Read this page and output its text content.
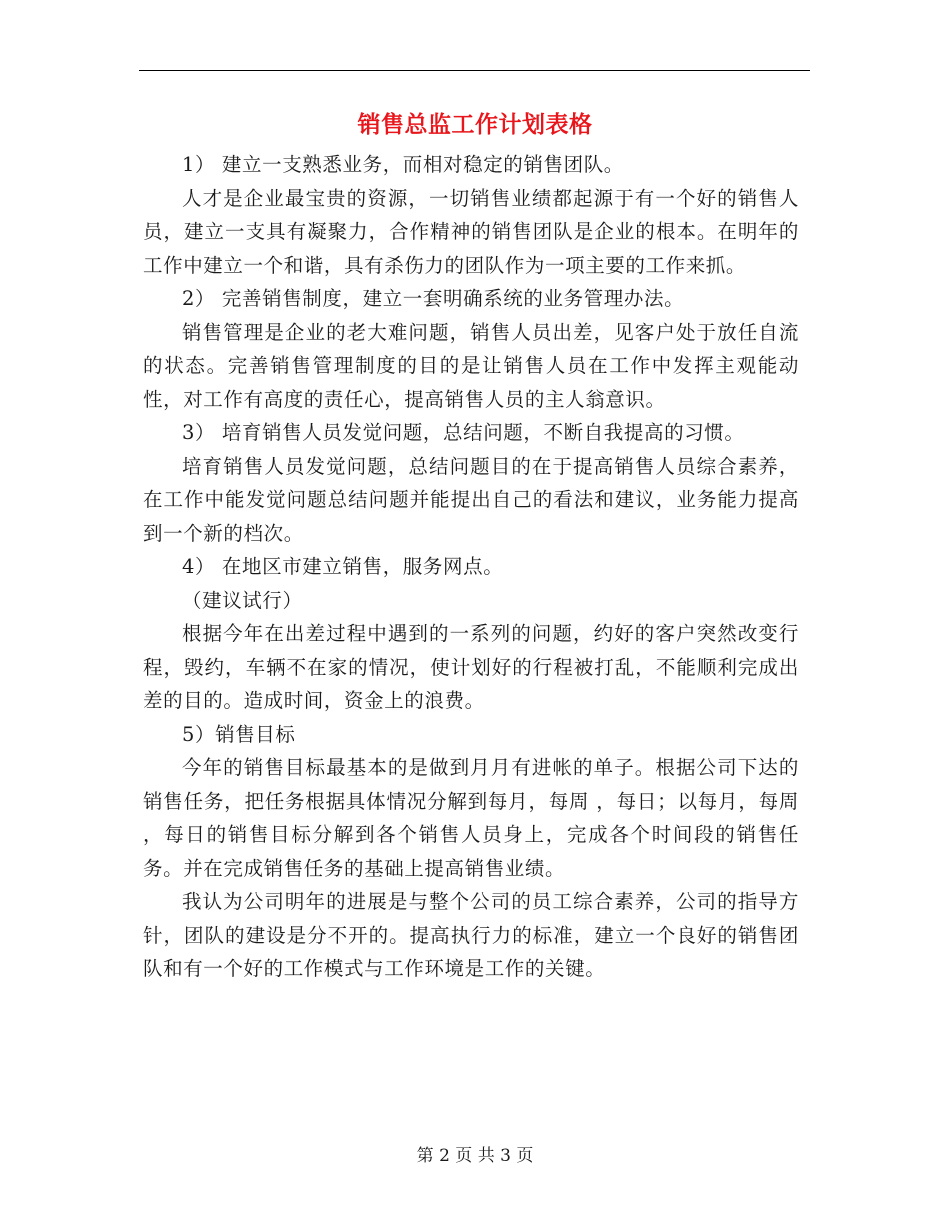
销售总监工作计划表格

1） 建立一支熟悉业务，而相对稳定的销售团队。

人才是企业最宝贵的资源，一切销售业绩都起源于有一个好的销售人员，建立一支具有凝聚力，合作精神的销售团队是企业的根本。在明年的工作中建立一个和谐，具有杀伤力的团队作为一项主要的工作来抓。

2） 完善销售制度，建立一套明确系统的业务管理办法。

销售管理是企业的老大难问题，销售人员出差，见客户处于放任自流的状态。完善销售管理制度的目的是让销售人员在工作中发挥主观能动性，对工作有高度的责任心，提高销售人员的主人翁意识。

3） 培育销售人员发觉问题，总结问题，不断自我提高的习惯。

培育销售人员发觉问题，总结问题目的在于提高销售人员综合素养，在工作中能发觉问题总结问题并能提出自己的看法和建议，业务能力提高到一个新的档次。

4） 在地区市建立销售，服务网点。

（建议试行）

根据今年在出差过程中遇到的一系列的问题，约好的客户突然改变行程，毁约，车辆不在家的情况，使计划好的行程被打乱，不能顺利完成出差的目的。造成时间，资金上的浪费。

5）销售目标

今年的销售目标最基本的是做到月月有进帐的单子。根据公司下达的销售任务，把任务根据具体情况分解到每月，每周 ，每日；以每月，每周 ，每日的销售目标分解到各个销售人员身上，完成各个时间段的销售任务。并在完成销售任务的基础上提高销售业绩。

我认为公司明年的进展是与整个公司的员工综合素养，公司的指导方针，团队的建设是分不开的。提高执行力的标准，建立一个良好的销售团队和有一个好的工作模式与工作环境是工作的关键。

第 2 页 共 3 页
